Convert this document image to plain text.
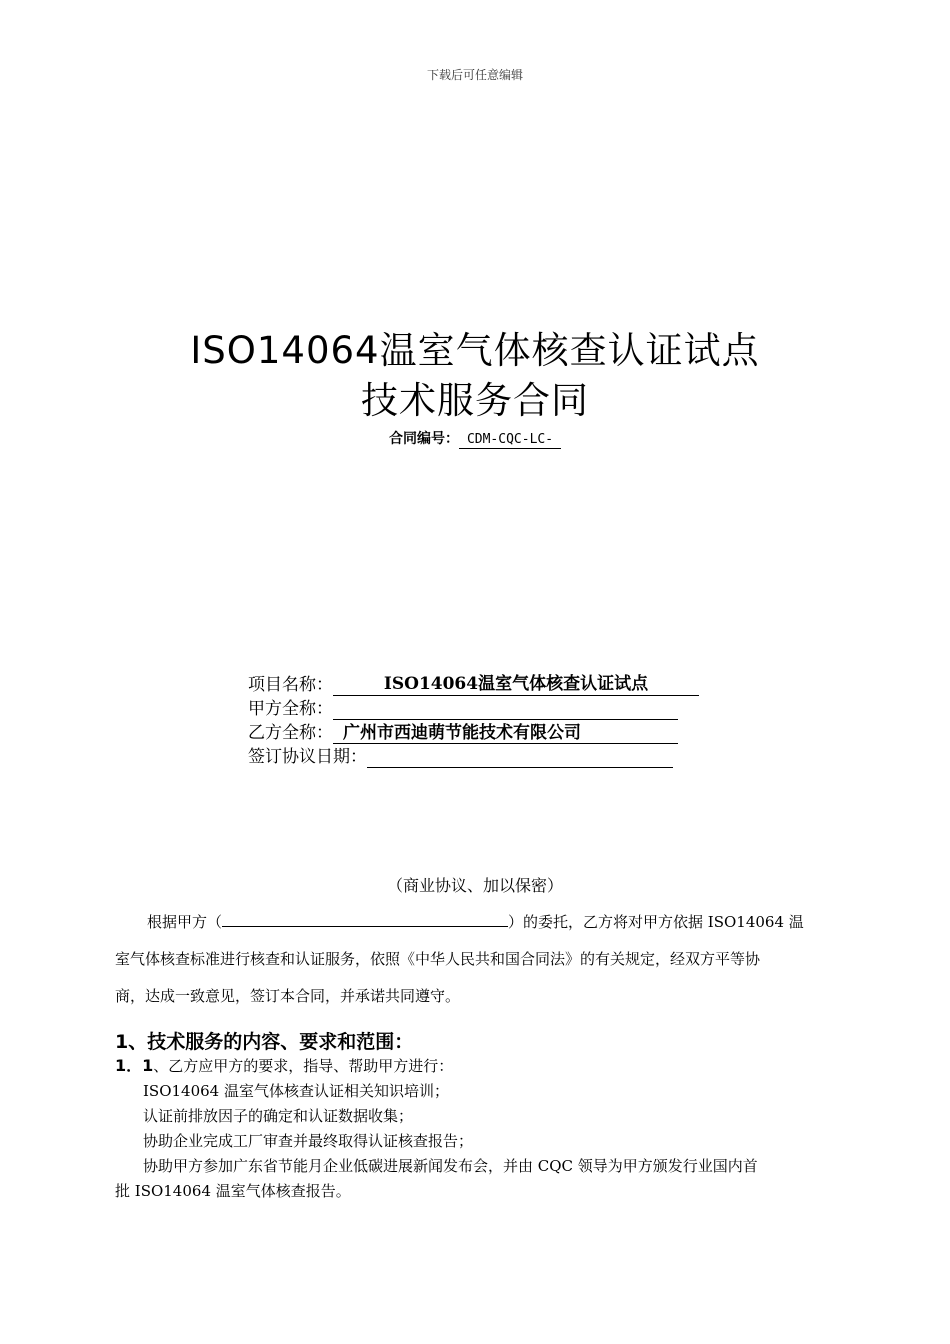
下载后可任意编辑
ISO14064温室气体核查认证试点
技术服务合同
合同编号： CDM-CQC-LC-
项目名称：	ISO14064温室气体核查认证试点
甲方全称：
乙方全称： 广州市西迪萌节能技术有限公司
签订协议日期：
（商业协议、加以保密）
根据甲方（	）的委托，乙方将对甲方依据 ISO14064 温
室气体核查标准进行核查和认证服务，依照《中华人民共和国合同法》的有关规定，经双方平等协
商，达成一致意见，签订本合同，并承诺共同遵守。
1、技术服务的内容、要求和范围：
1．1、乙方应甲方的要求，指导、帮助甲方进行：
ISO14064 温室气体核查认证相关知识培训；
认证前排放因子的确定和认证数据收集；
协助企业完成工厂审查并最终取得认证核查报告；
协助甲方参加广东省节能月企业低碳进展新闻发布会，并由 CQC 领导为甲方颁发行业国内首
批 ISO14064 温室气体核查报告。
